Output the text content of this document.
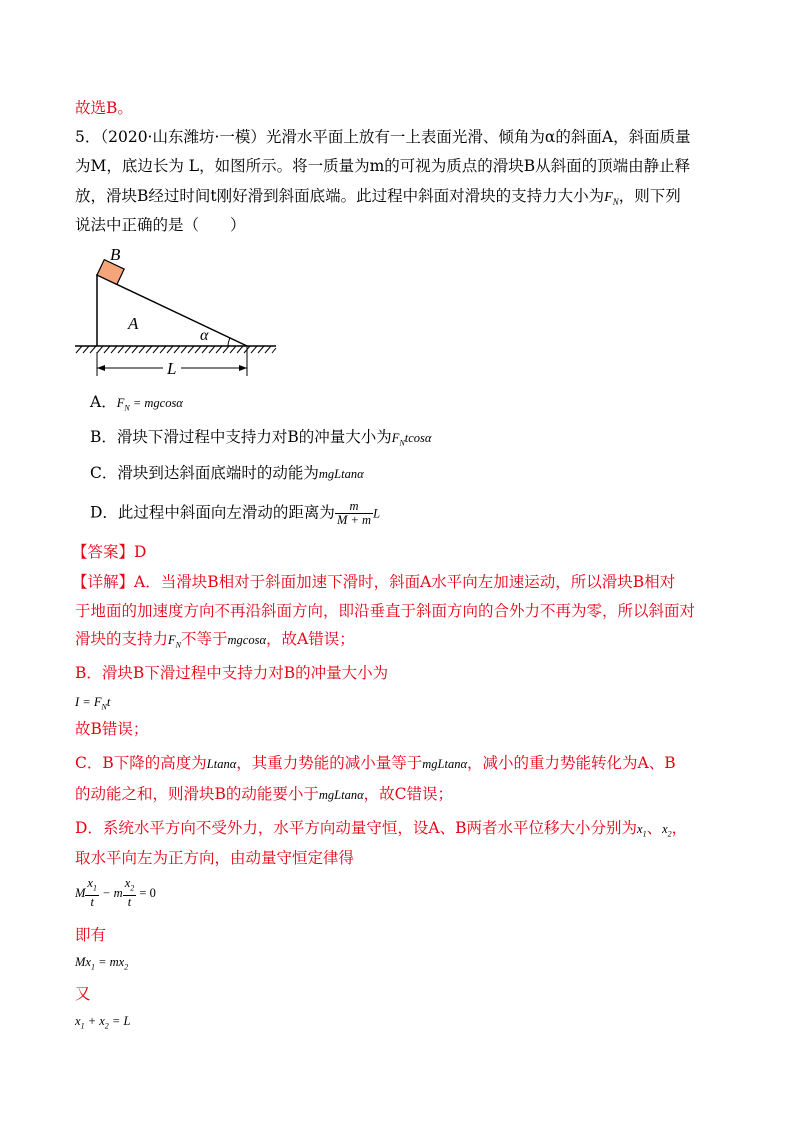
故选B。
5．（2020·山东潍坊·一模）光滑水平面上放有一上表面光滑、倾角为α的斜面A，斜面质量
为M，底边长为 L，如图所示。将一质量为m的可视为质点的滑块B从斜面的顶端由静止释
放，滑块B经过时间t刚好滑到斜面底端。此过程中斜面对滑块的支持力大小为$F_N$，则下列
说法中正确的是（　　）
B
A
α
L
A．$F_N = mgcos\alpha$
B．滑块下滑过程中支持力对B的冲量大小为$F_Ntcos\alpha$
C．滑块到达斜面底端时的动能为mgLtanα
D．此过程中斜面向左滑动的距离为 $\frac{m}{M + m}$ L
【答案】D
【详解】A．当滑块B相对于斜面加速下滑时，斜面A水平向左加速运动，所以滑块B相对
于地面的加速度方向不再沿斜面方向，即沿垂直于斜面方向的合外力不再为零，所以斜面对
滑块的支持力$F_N$不等于mgcosα，故A错误；
B．滑块B下滑过程中支持力对B的冲量大小为
$I = F_Nt$
故B错误；
C．B下降的高度为Ltanα，其重力势能的减小量等于mgLtanα，减小的重力势能转化为A、B
的动能之和，则滑块B的动能要小于mgLtanα，故C错误；
D．系统水平方向不受外力，水平方向动量守恒，设A、B两者水平位移大小分别为$x_1$、$x_2$，
取水平向左为正方向，由动量守恒定律得
M $\frac{x_1}{t} - m \frac{x_2}{t} = 0$
即有
$Mx_1 = mx_2$
又
$x_1 + x_2 = L$
